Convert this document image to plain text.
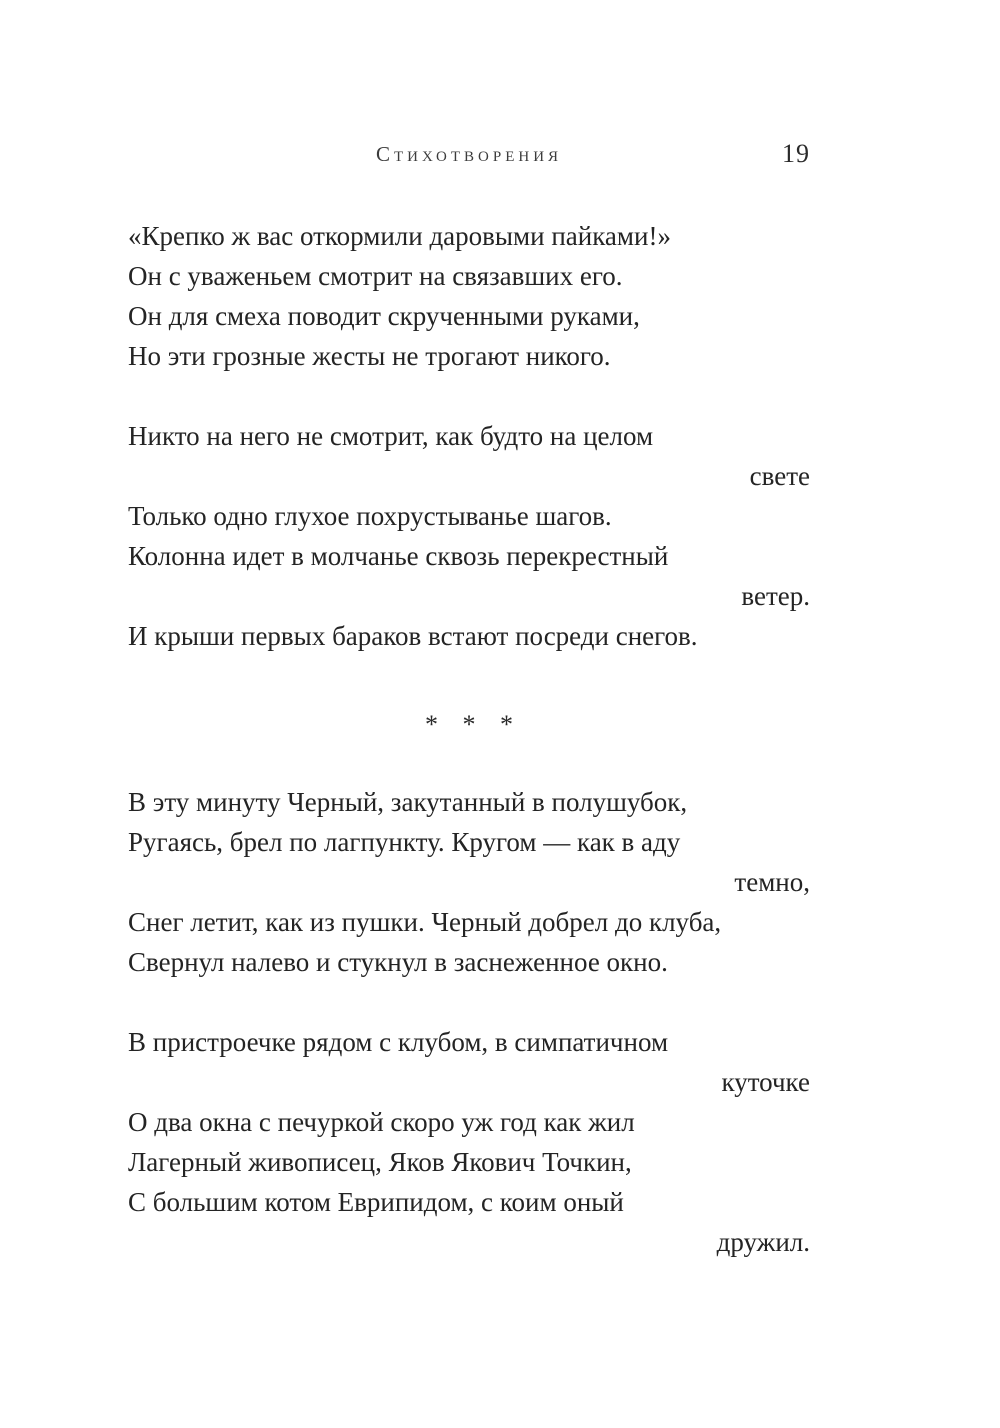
Стихотворения	19
«Крепко ж вас откормили даровыми пайками!»
Он с уваженьем смотрит на связавших его.
Он для смеха поводит скрученными руками,
Но эти грозные жесты не трогают никого.
Никто на него не смотрит, как будто на целом
свете
Только одно глухое похрустыванье шагов.
Колонна идет в молчанье сквозь перекрестный
ветер.
И крыши первых бараков встают посреди снегов.
* * *
В эту минуту Черный, закутанный в полушубок,
Ругаясь, брел по лагпункту. Кругом — как в аду
темно,
Снег летит, как из пушки. Черный добрел до клуба,
Свернул налево и стукнул в заснеженное окно.
В пристроечке рядом с клубом, в симпатичном
куточке
О два окна с печуркой скоро уж год как жил
Лагерный живописец, Яков Якович Точкин,
С большим котом Еврипидом, с коим оный
дружил.
